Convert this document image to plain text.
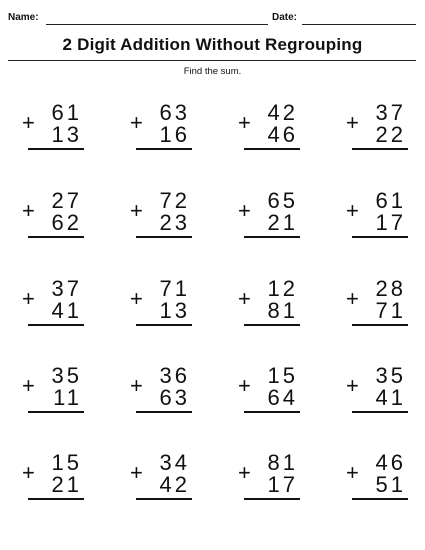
Name:	Date:
2 Digit Addition Without Regrouping
Find the sum.
61
+ 13
63
+ 16
42
+ 46
37
+ 22
27
+ 62
72
+ 23
65
+ 21
61
+ 17
37
+ 41
71
+ 13
12
+ 81
28
+ 71
35
+ 11
36
+ 63
15
+ 64
35
+ 41
15
+ 21
34
+ 42
81
+ 17
46
+ 51
